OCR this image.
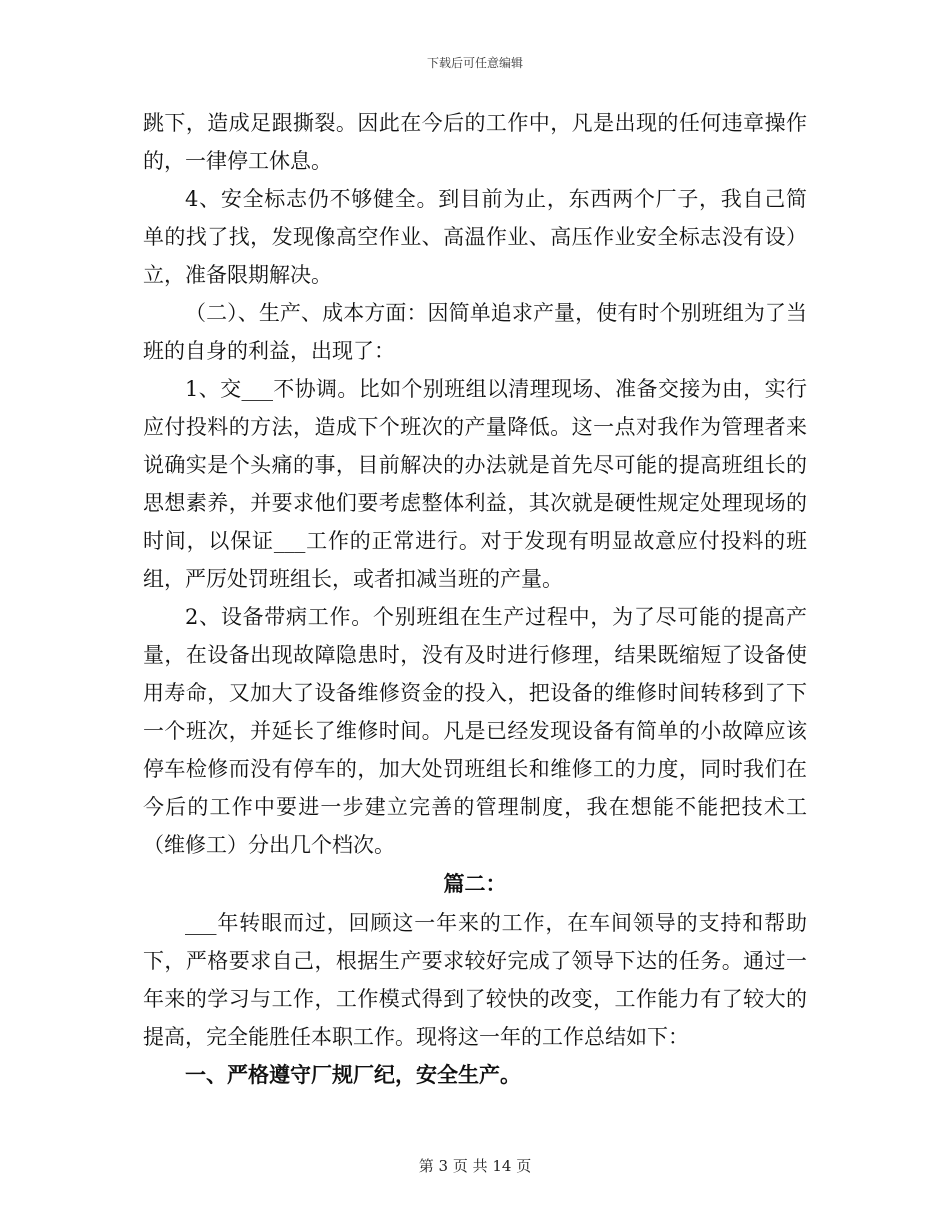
下载后可任意编辑

跳下，造成足跟撕裂。因此在今后的工作中，凡是出现的任何违章操作的，一律停工休息。

4、安全标志仍不够健全。到目前为止，东西两个厂子，我自己简单的找了找，发现像高空作业、高温作业、高压作业安全标志没有设）立，准备限期解决。

（二）、生产、成本方面：因简单追求产量，使有时个别班组为了当班的自身的利益，出现了：

1、交___不协调。比如个别班组以清理现场、准备交接为由，实行应付投料的方法，造成下个班次的产量降低。这一点对我作为管理者来说确实是个头痛的事，目前解决的办法就是首先尽可能的提高班组长的思想素养，并要求他们要考虑整体利益，其次就是硬性规定处理现场的时间，以保证___工作的正常进行。对于发现有明显故意应付投料的班组，严厉处罚班组长，或者扣减当班的产量。

2、设备带病工作。个别班组在生产过程中，为了尽可能的提高产量，在设备出现故障隐患时，没有及时进行修理，结果既缩短了设备使用寿命，又加大了设备维修资金的投入，把设备的维修时间转移到了下一个班次，并延长了维修时间。凡是已经发现设备有简单的小故障应该停车检修而没有停车的，加大处罚班组长和维修工的力度，同时我们在今后的工作中要进一步建立完善的管理制度，我在想能不能把技术工（维修工）分出几个档次。

篇二：

___年转眼而过，回顾这一年来的工作，在车间领导的支持和帮助下，严格要求自己，根据生产要求较好完成了领导下达的任务。通过一年来的学习与工作，工作模式得到了较快的改变，工作能力有了较大的提高，完全能胜任本职工作。现将这一年的工作总结如下：

一、严格遵守厂规厂纪，安全生产。

第 3 页 共 14 页
